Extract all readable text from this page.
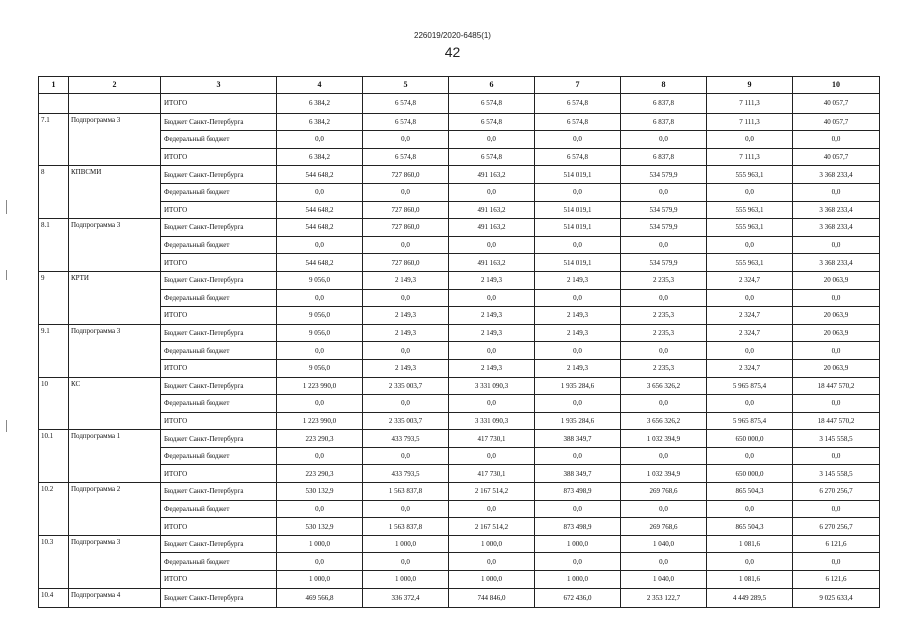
226019/2020-6485(1)
42
1	2	3	4	5	6	7	8	9	10
		ИТОГО	6 384,2	6 574,8	6 574,8	6 574,8	6 837,8	7 111,3	40 057,7
7.1	Подпрограмма 3	Бюджет Санкт-Петербурга	6 384,2	6 574,8	6 574,8	6 574,8	6 837,8	7 111,3	40 057,7
		Федеральный бюджет	0,0	0,0	0,0	0,0	0,0	0,0	0,0
		ИТОГО	6 384,2	6 574,8	6 574,8	6 574,8	6 837,8	7 111,3	40 057,7
8	КПВСМИ	Бюджет Санкт-Петербурга	544 648,2	727 860,0	491 163,2	514 019,1	534 579,9	555 963,1	3 368 233,4
		Федеральный бюджет	0,0	0,0	0,0	0,0	0,0	0,0	0,0
		ИТОГО	544 648,2	727 860,0	491 163,2	514 019,1	534 579,9	555 963,1	3 368 233,4
8.1	Подпрограмма 3	Бюджет Санкт-Петербурга	544 648,2	727 860,0	491 163,2	514 019,1	534 579,9	555 963,1	3 368 233,4
		Федеральный бюджет	0,0	0,0	0,0	0,0	0,0	0,0	0,0
		ИТОГО	544 648,2	727 860,0	491 163,2	514 019,1	534 579,9	555 963,1	3 368 233,4
9	КРТИ	Бюджет Санкт-Петербурга	9 056,0	2 149,3	2 149,3	2 149,3	2 235,3	2 324,7	20 063,9
		Федеральный бюджет	0,0	0,0	0,0	0,0	0,0	0,0	0,0
		ИТОГО	9 056,0	2 149,3	2 149,3	2 149,3	2 235,3	2 324,7	20 063,9
9.1	Подпрограмма 3	Бюджет Санкт-Петербурга	9 056,0	2 149,3	2 149,3	2 149,3	2 235,3	2 324,7	20 063,9
		Федеральный бюджет	0,0	0,0	0,0	0,0	0,0	0,0	0,0
		ИТОГО	9 056,0	2 149,3	2 149,3	2 149,3	2 235,3	2 324,7	20 063,9
10	КС	Бюджет Санкт-Петербурга	1 223 990,0	2 335 003,7	3 331 090,3	1 935 284,6	3 656 326,2	5 965 875,4	18 447 570,2
		Федеральный бюджет	0,0	0,0	0,0	0,0	0,0	0,0	0,0
		ИТОГО	1 223 990,0	2 335 003,7	3 331 090,3	1 935 284,6	3 656 326,2	5 965 875,4	18 447 570,2
10.1	Подпрограмма 1	Бюджет Санкт-Петербурга	223 290,3	433 793,5	417 730,1	388 349,7	1 032 394,9	650 000,0	3 145 558,5
		Федеральный бюджет	0,0	0,0	0,0	0,0	0,0	0,0	0,0
		ИТОГО	223 290,3	433 793,5	417 730,1	388 349,7	1 032 394,9	650 000,0	3 145 558,5
10.2	Подпрограмма 2	Бюджет Санкт-Петербурга	530 132,9	1 563 837,8	2 167 514,2	873 498,9	269 768,6	865 504,3	6 270 256,7
		Федеральный бюджет	0,0	0,0	0,0	0,0	0,0	0,0	0,0
		ИТОГО	530 132,9	1 563 837,8	2 167 514,2	873 498,9	269 768,6	865 504,3	6 270 256,7
10.3	Подпрограмма 3	Бюджет Санкт-Петербурга	1 000,0	1 000,0	1 000,0	1 000,0	1 040,0	1 081,6	6 121,6
		Федеральный бюджет	0,0	0,0	0,0	0,0	0,0	0,0	0,0
		ИТОГО	1 000,0	1 000,0	1 000,0	1 000,0	1 040,0	1 081,6	6 121,6
10.4	Подпрограмма 4	Бюджет Санкт-Петербурга	469 566,8	336 372,4	744 846,0	672 436,0	2 353 122,7	4 449 289,5	9 025 633,4
